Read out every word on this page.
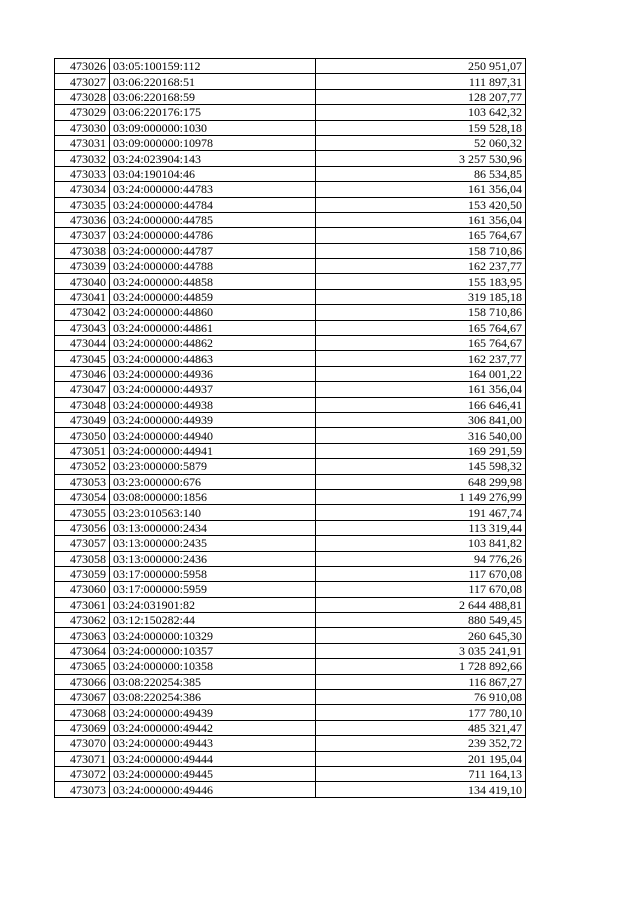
473026	03:05:100159:112	250 951,07
473027	03:06:220168:51	111 897,31
473028	03:06:220168:59	128 207,77
473029	03:06:220176:175	103 642,32
473030	03:09:000000:1030	159 528,18
473031	03:09:000000:10978	52 060,32
473032	03:24:023904:143	3 257 530,96
473033	03:04:190104:46	86 534,85
473034	03:24:000000:44783	161 356,04
473035	03:24:000000:44784	153 420,50
473036	03:24:000000:44785	161 356,04
473037	03:24:000000:44786	165 764,67
473038	03:24:000000:44787	158 710,86
473039	03:24:000000:44788	162 237,77
473040	03:24:000000:44858	155 183,95
473041	03:24:000000:44859	319 185,18
473042	03:24:000000:44860	158 710,86
473043	03:24:000000:44861	165 764,67
473044	03:24:000000:44862	165 764,67
473045	03:24:000000:44863	162 237,77
473046	03:24:000000:44936	164 001,22
473047	03:24:000000:44937	161 356,04
473048	03:24:000000:44938	166 646,41
473049	03:24:000000:44939	306 841,00
473050	03:24:000000:44940	316 540,00
473051	03:24:000000:44941	169 291,59
473052	03:23:000000:5879	145 598,32
473053	03:23:000000:676	648 299,98
473054	03:08:000000:1856	1 149 276,99
473055	03:23:010563:140	191 467,74
473056	03:13:000000:2434	113 319,44
473057	03:13:000000:2435	103 841,82
473058	03:13:000000:2436	94 776,26
473059	03:17:000000:5958	117 670,08
473060	03:17:000000:5959	117 670,08
473061	03:24:031901:82	2 644 488,81
473062	03:12:150282:44	880 549,45
473063	03:24:000000:10329	260 645,30
473064	03:24:000000:10357	3 035 241,91
473065	03:24:000000:10358	1 728 892,66
473066	03:08:220254:385	116 867,27
473067	03:08:220254:386	76 910,08
473068	03:24:000000:49439	177 780,10
473069	03:24:000000:49442	485 321,47
473070	03:24:000000:49443	239 352,72
473071	03:24:000000:49444	201 195,04
473072	03:24:000000:49445	711 164,13
473073	03:24:000000:49446	134 419,10
